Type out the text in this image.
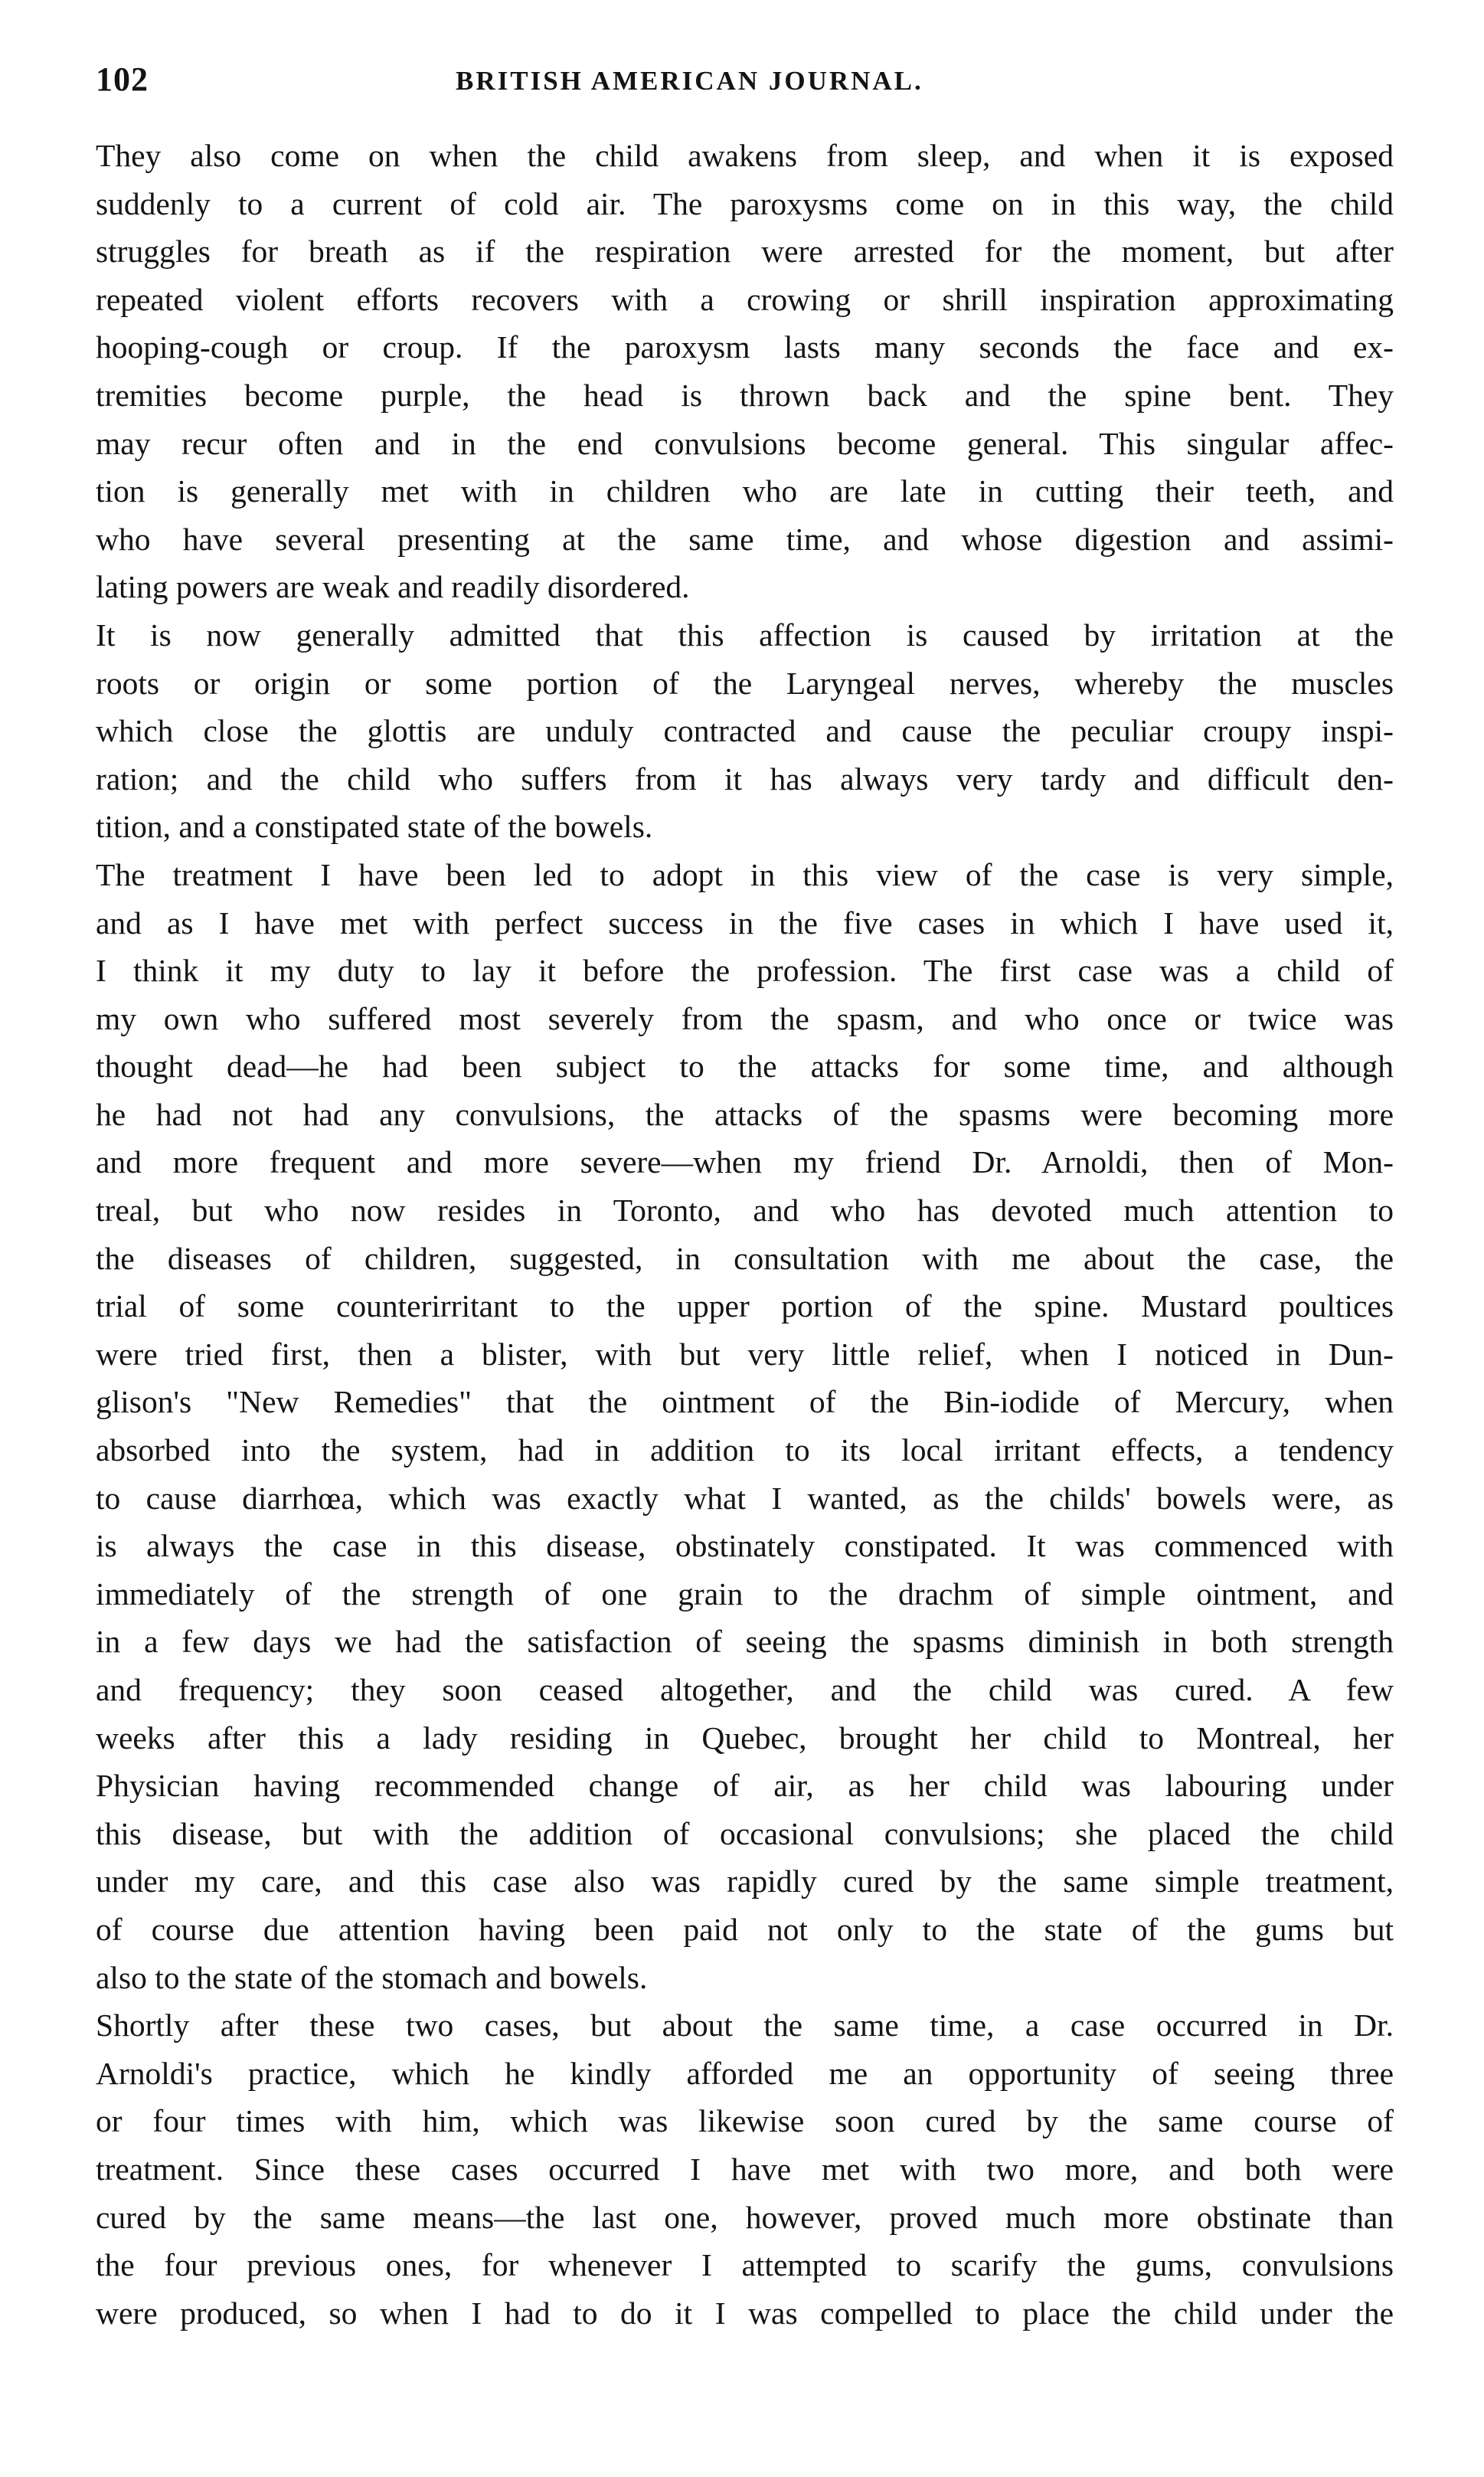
102	BRITISH AMERICAN JOURNAL.

They also come on when the child awakens from sleep, and when it is exposed
suddenly to a current of cold air. The paroxysms come on in this way, the child
struggles for breath as if the respiration were arrested for the moment, but after
repeated violent efforts recovers with a crowing or shrill inspiration approximating
hooping-cough or croup. If the paroxysm lasts many seconds the face and ex-
tremities become purple, the head is thrown back and the spine bent. They
may recur often and in the end convulsions become general. This singular affec-
tion is generally met with in children who are late in cutting their teeth, and
who have several presenting at the same time, and whose digestion and assimi-
lating powers are weak and readily disordered.

It is now generally admitted that this affection is caused by irritation at the
roots or origin or some portion of the Laryngeal nerves, whereby the muscles
which close the glottis are unduly contracted and cause the peculiar croupy inspi-
ration; and the child who suffers from it has always very tardy and difficult den-
tition, and a constipated state of the bowels.

The treatment I have been led to adopt in this view of the case is very simple,
and as I have met with perfect success in the five cases in which I have used it,
I think it my duty to lay it before the profession. The first case was a child of
my own who suffered most severely from the spasm, and who once or twice was
thought dead—he had been subject to the attacks for some time, and although
he had not had any convulsions, the attacks of the spasms were becoming more
and more frequent and more severe—when my friend Dr. Arnoldi, then of Mon-
treal, but who now resides in Toronto, and who has devoted much attention to
the diseases of children, suggested, in consultation with me about the case, the
trial of some counterirritant to the upper portion of the spine. Mustard poultices
were tried first, then a blister, with but very little relief, when I noticed in Dun-
glison's "New Remedies" that the ointment of the Bin-iodide of Mercury, when
absorbed into the system, had in addition to its local irritant effects, a tendency
to cause diarrhœa, which was exactly what I wanted, as the childs' bowels were, as
is always the case in this disease, obstinately constipated. It was commenced with
immediately of the strength of one grain to the drachm of simple ointment, and
in a few days we had the satisfaction of seeing the spasms diminish in both strength
and frequency; they soon ceased altogether, and the child was cured. A few
weeks after this a lady residing in Quebec, brought her child to Montreal, her
Physician having recommended change of air, as her child was labouring under
this disease, but with the addition of occasional convulsions; she placed the child
under my care, and this case also was rapidly cured by the same simple treatment,
of course due attention having been paid not only to the state of the gums but
also to the state of the stomach and bowels.

Shortly after these two cases, but about the same time, a case occurred in Dr.
Arnoldi's practice, which he kindly afforded me an opportunity of seeing three
or four times with him, which was likewise soon cured by the same course of
treatment. Since these cases occurred I have met with two more, and both were
cured by the same means—the last one, however, proved much more obstinate than
the four previous ones, for whenever I attempted to scarify the gums, convulsions
were produced, so when I had to do it I was compelled to place the child under the
